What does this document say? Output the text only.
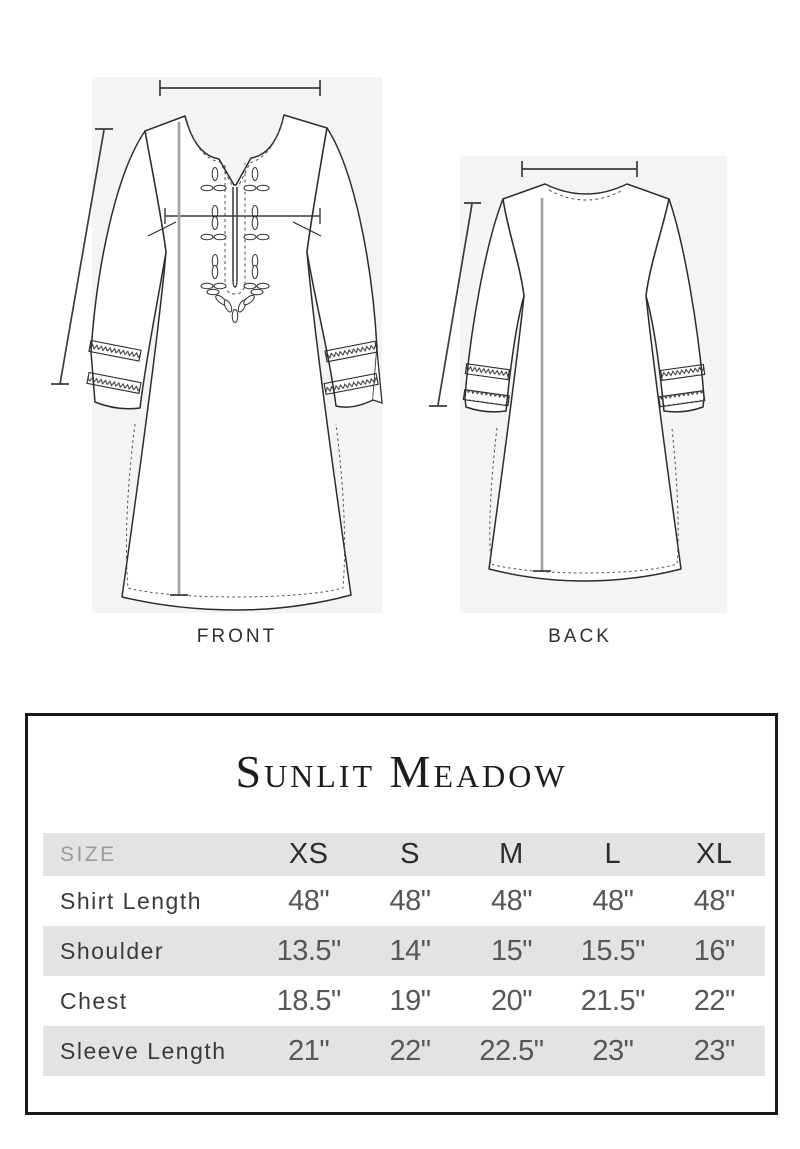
FRONT	BACK
Sunlit Meadow
SIZE	XS	S	M	L	XL
Shirt Length	48"	48"	48"	48"	48"
Shoulder	13.5"	14"	15"	15.5"	16"
Chest	18.5"	19"	20"	21.5"	22"
Sleeve Length	21"	22"	22.5"	23"	23"
